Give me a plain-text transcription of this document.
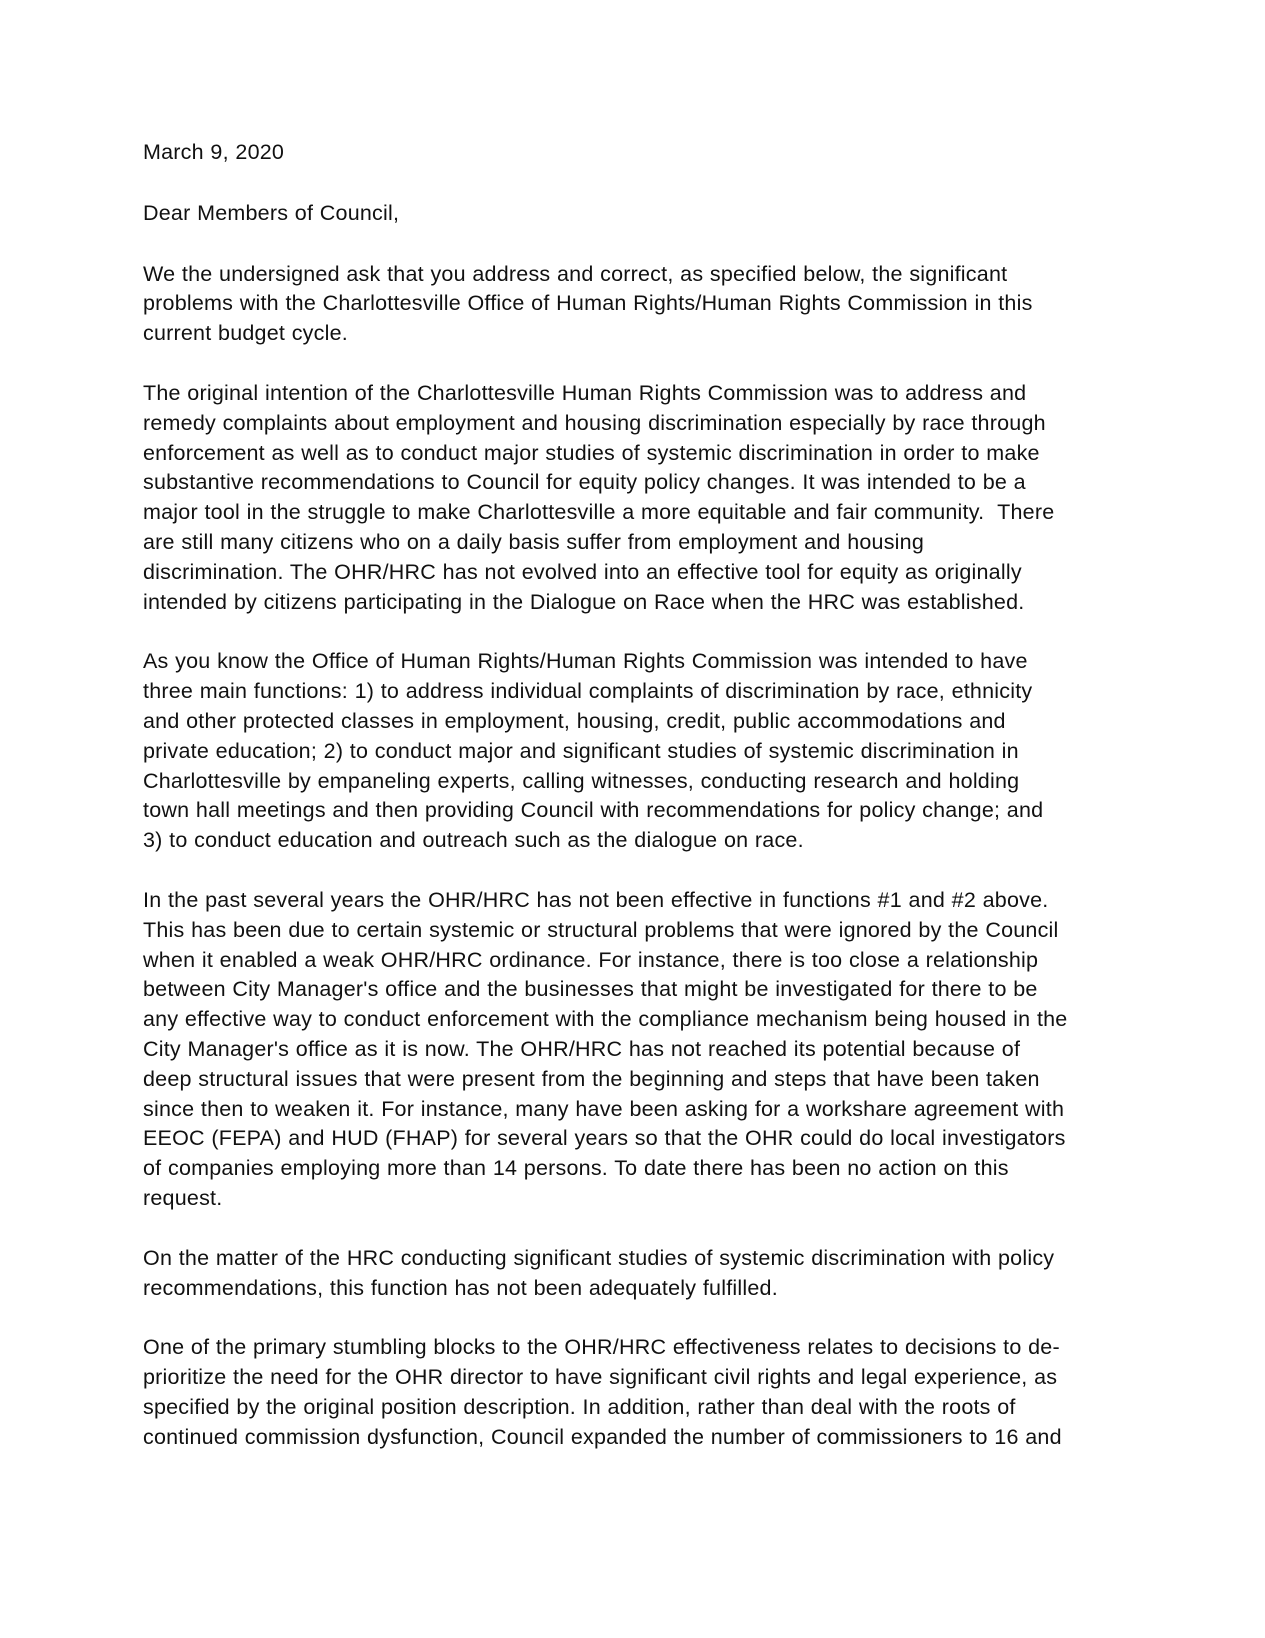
March 9, 2020

Dear Members of Council,

We the undersigned ask that you address and correct, as specified below, the significant problems with the Charlottesville Office of Human Rights/Human Rights Commission in this current budget cycle.

The original intention of the Charlottesville Human Rights Commission was to address and remedy complaints about employment and housing discrimination especially by race through enforcement as well as to conduct major studies of systemic discrimination in order to make substantive recommendations to Council for equity policy changes. It was intended to be a major tool in the struggle to make Charlottesville a more equitable and fair community.  There are still many citizens who on a daily basis suffer from employment and housing discrimination. The OHR/HRC has not evolved into an effective tool for equity as originally intended by citizens participating in the Dialogue on Race when the HRC was established.

As you know the Office of Human Rights/Human Rights Commission was intended to have three main functions: 1) to address individual complaints of discrimination by race, ethnicity and other protected classes in employment, housing, credit, public accommodations and private education; 2) to conduct major and significant studies of systemic discrimination in Charlottesville by empaneling experts, calling witnesses, conducting research and holding town hall meetings and then providing Council with recommendations for policy change; and 3) to conduct education and outreach such as the dialogue on race.

In the past several years the OHR/HRC has not been effective in functions #1 and #2 above. This has been due to certain systemic or structural problems that were ignored by the Council when it enabled a weak OHR/HRC ordinance. For instance, there is too close a relationship between City Manager's office and the businesses that might be investigated for there to be any effective way to conduct enforcement with the compliance mechanism being housed in the City Manager's office as it is now. The OHR/HRC has not reached its potential because of deep structural issues that were present from the beginning and steps that have been taken since then to weaken it. For instance, many have been asking for a workshare agreement with EEOC (FEPA) and HUD (FHAP) for several years so that the OHR could do local investigators of companies employing more than 14 persons. To date there has been no action on this request.

On the matter of the HRC conducting significant studies of systemic discrimination with policy recommendations, this function has not been adequately fulfilled.

One of the primary stumbling blocks to the OHR/HRC effectiveness relates to decisions to de-prioritize the need for the OHR director to have significant civil rights and legal experience, as specified by the original position description. In addition, rather than deal with the roots of continued commission dysfunction, Council expanded the number of commissioners to 16 and
